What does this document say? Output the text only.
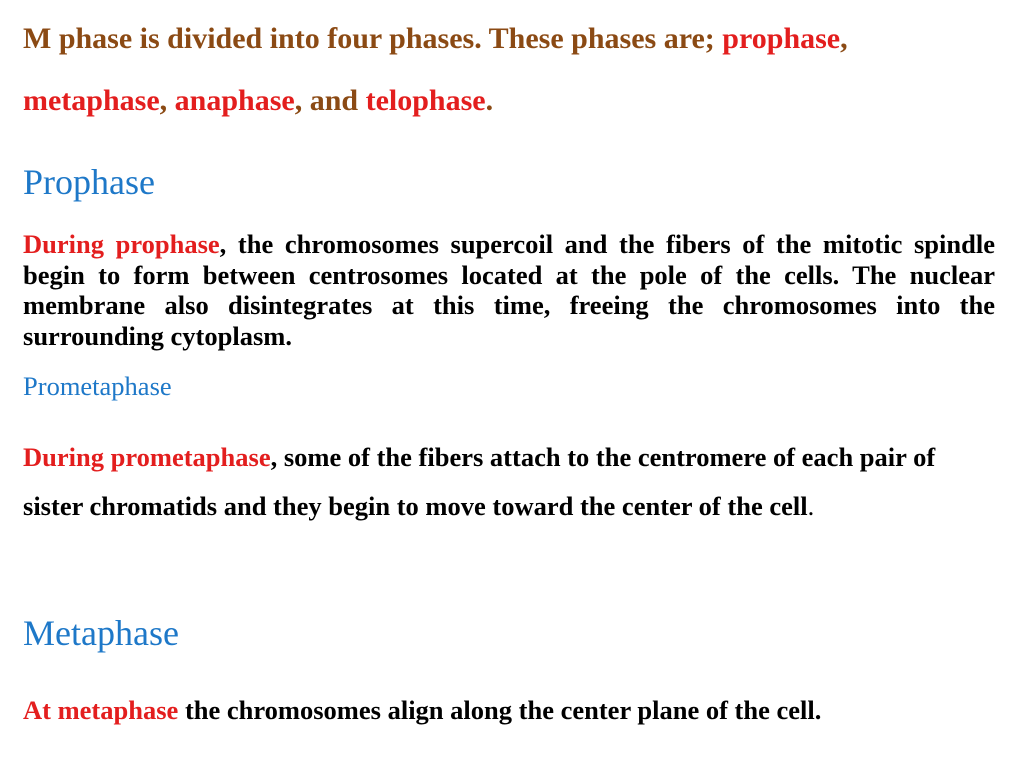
M phase is divided into four phases. These phases are; prophase,
metaphase, anaphase, and telophase.

Prophase

During prophase, the chromosomes supercoil and the fibers of the mitotic spindle begin to form between centrosomes located at the pole of the cells. The nuclear membrane also disintegrates at this time, freeing the chromosomes into the surrounding cytoplasm.

Prometaphase

During prometaphase, some of the fibers attach to the centromere of each pair of sister chromatids and they begin to move toward the center of the cell.

Metaphase

At metaphase the chromosomes align along the center plane of the cell.
